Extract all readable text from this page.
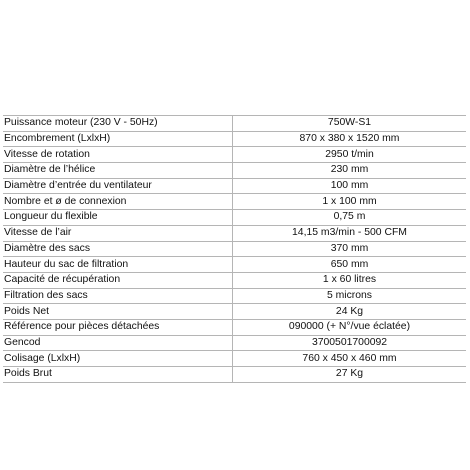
Puissance moteur (230 V - 50Hz)	750W-S1
Encombrement (LxlxH)	870 x 380 x 1520 mm
Vitesse de rotation	2950 t/min
Diamètre de l’hélice	230 mm
Diamètre d’entrée du ventilateur	100 mm
Nombre et ø de connexion	1 x 100 mm
Longueur du flexible	0,75 m
Vitesse de l’air	14,15 m3/min - 500 CFM
Diamètre des sacs	370 mm
Hauteur du sac de filtration	650 mm
Capacité de récupération	1 x 60 litres
Filtration des sacs	5 microns
Poids Net	24 Kg
Référence pour pièces détachées	090000 (+ N°/vue éclatée)
Gencod	3700501700092
Colisage (LxlxH)	760 x 450 x 460 mm
Poids Brut	27 Kg
